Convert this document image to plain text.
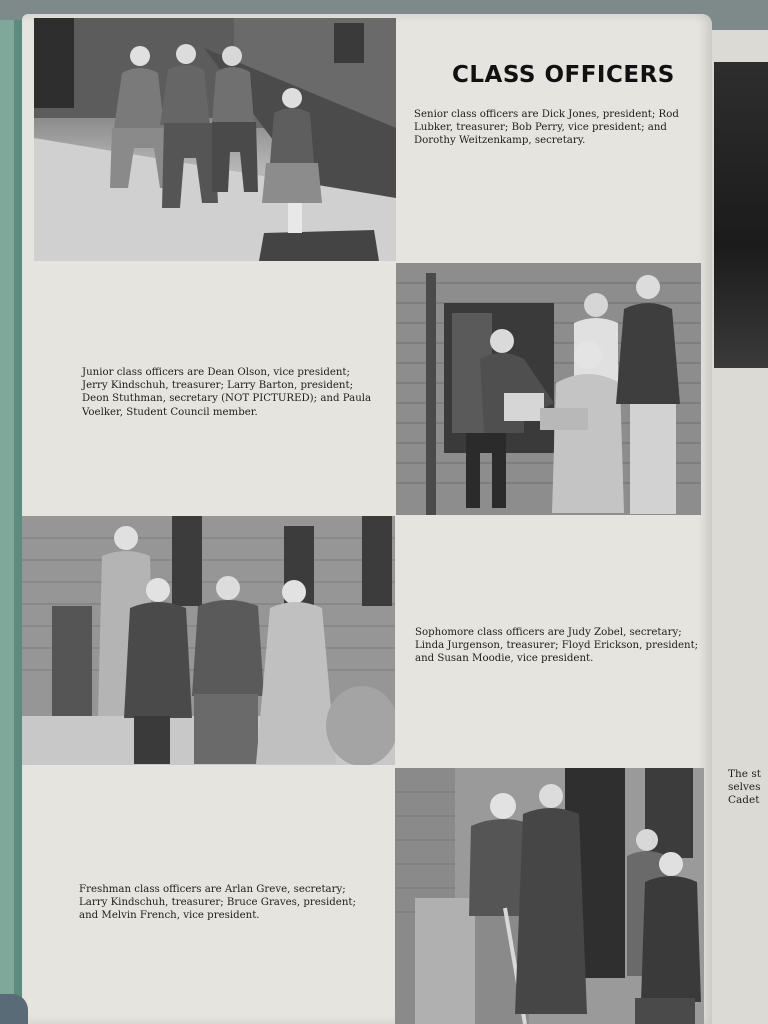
The st
selves
Cadet
CLASS OFFICERS
Senior class officers are Dick Jones, president; Rod Lubker, treasurer; Bob Perry, vice president; and Dorothy Weitzenkamp, secretary.
Junior class officers are Dean Olson, vice president; Jerry Kindschuh, treasurer; Larry Barton, president; Deon Stuthman, secretary (NOT PICTURED); and Paula Voelker, Student Council member.
Sophomore class officers are Judy Zobel, secretary; Linda Jurgenson, treasurer; Floyd Erickson, president; and Susan Moodie, vice president.
Freshman class officers are Arlan Greve, secretary; Larry Kindschuh, treasurer; Bruce Graves, president; and Melvin French, vice president.
